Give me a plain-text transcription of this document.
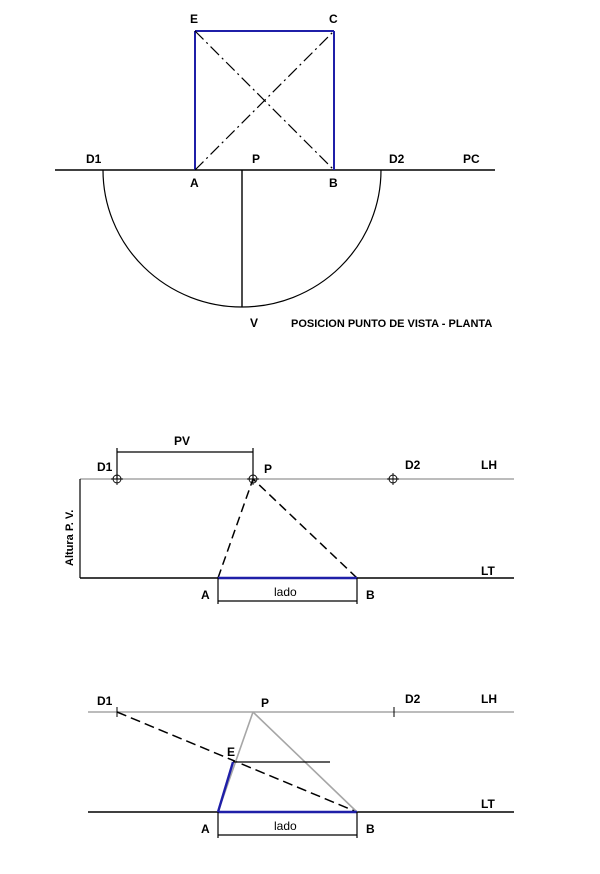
E	C
D1	P	D2	PC
A	B
V	POSICION PUNTO DE VISTA - PLANTA
PV
D1	P	D2	LH
LT
A	B
lado
Altura P. V.
D1	P	D2	LH
E
LT
A	B
lado
